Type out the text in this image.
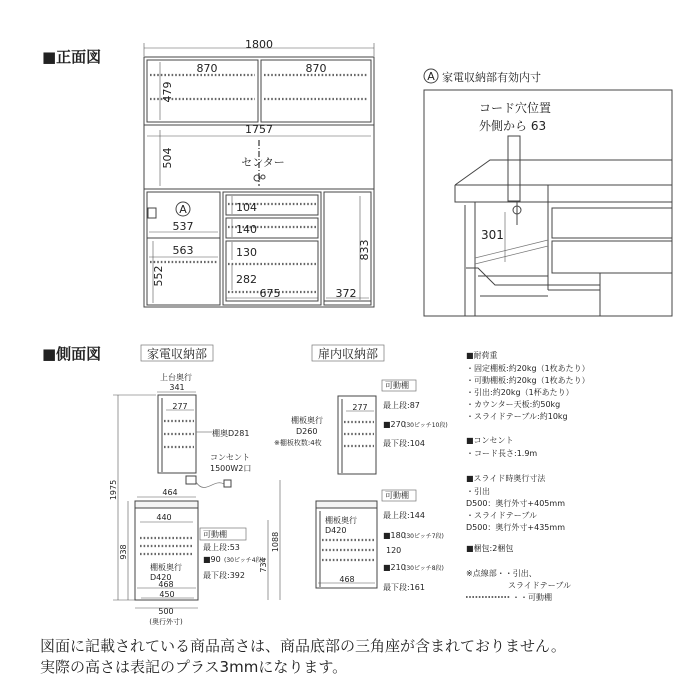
■正面図
1800
870	870
479
1757
504	センター
A
537
563
552
104
140
130
282
675
833
372
A 家電収納部有効内寸
コード穴位置
外側から 63
301
■側面図	家電収納部
上台奥行
341
277
棚奥D281
コンセント
1500W2口
1975	464
440
棚板奥行
D420
468
450
500
(奥行外寸)
938
可動棚
最上段:53
■90 (30ピッチ4段)
最下段:392
734
1088
扉内収納部
277
棚板奥行
D260
※棚板枚数:4枚
可動棚
最上段:87
■270
(30ピッチ10段)
最下段:104
棚板奥行
D420
468
可動棚
最上段:144
■180
(30ピッチ7段)
120
■210
(30ピッチ8段)
最下段:161
■耐荷重
・固定棚板:約20kg（1枚あたり）
・可動棚板:約20kg（1枚あたり）
・引出:約20kg（1杯あたり）
・カウンター天板:約50kg
・スライドテーブル:約10kg
■コンセント
・コード長さ:1.9m
■スライド時奥行寸法
・引出
D500：奥行外寸+405mm
・スライドテーブル
D500：奥行外寸+435mm
■梱包:2梱包
※点線部・・引出、
スライドテーブル
・・可動棚
図面に記載されている商品高さは、商品底部の三角座が含まれておりません。
実際の高さは表記のプラス3mmになります。
